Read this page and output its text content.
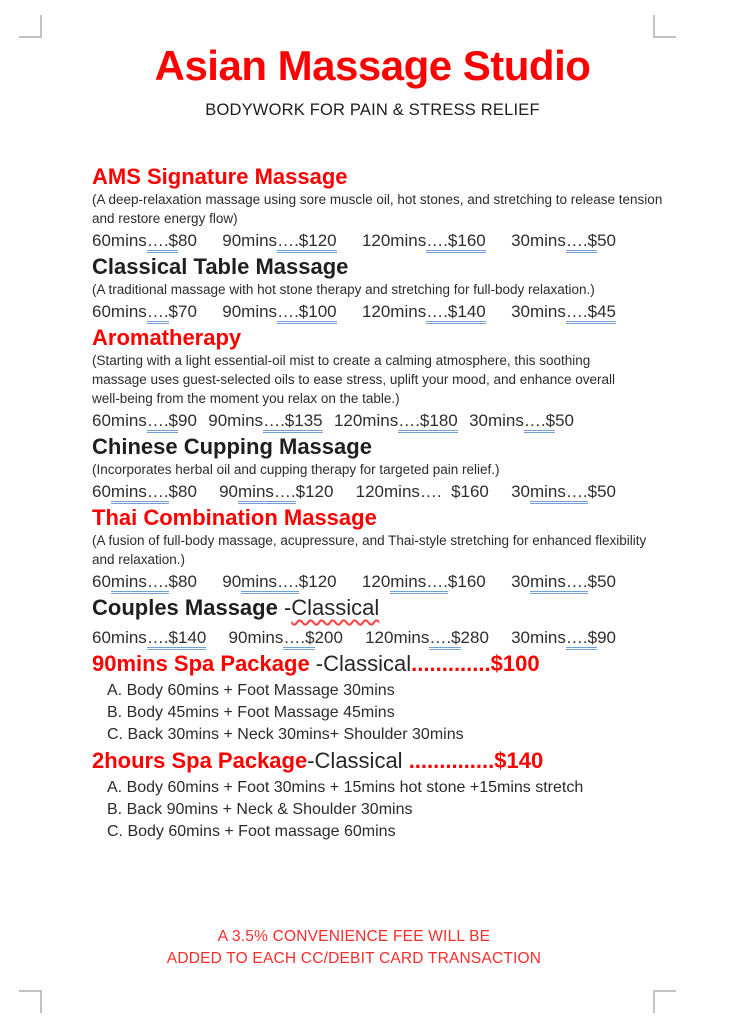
Asian Massage Studio
BODYWORK FOR PAIN & STRESS RELIEF
AMS Signature Massage
(A deep-relaxation massage using sore muscle oil, hot stones, and stretching to release tension
and restore energy flow)
60mins….$80 90mins….$120 120mins….$160 30mins….$50
Classical Table Massage
(A traditional massage with hot stone therapy and stretching for full-body relaxation.)
60mins….$70 90mins….$100 120mins….$140 30mins….$45
Aromatherapy
(Starting with a light essential-oil mist to create a calming atmosphere, this soothing
massage uses guest-selected oils to ease stress, uplift your mood, and enhance overall
well-being from the moment you relax on the table.)
60mins….$90 90mins….$135 120mins….$180 30mins….$50
Chinese Cupping Massage
(Incorporates herbal oil and cupping therapy for targeted pain relief.)
60mins….$80 90mins….$120 120mins….  $160 30mins….$50
Thai Combination Massage
(A fusion of full-body massage, acupressure, and Thai-style stretching for enhanced flexibility
and relaxation.)
60mins….$80 90mins….$120 120mins….$160 30mins….$50
Couples Massage -Classical
60mins….$140 90mins….$200 120mins….$280 30mins….$90
90mins Spa Package -Classical.............$100
A. Body 60mins + Foot Massage 30mins
B. Body 45mins + Foot Massage 45mins
C. Back 30mins + Neck 30mins+ Shoulder 30mins
2hours Spa Package-Classical ..............$140
A. Body 60mins + Foot 30mins + 15mins hot stone +15mins stretch
B. Back 90mins + Neck & Shoulder 30mins
C. Body 60mins + Foot massage 60mins
A 3.5% CONVENIENCE FEE WILL BE
ADDED TO EACH CC/DEBIT CARD TRANSACTION
